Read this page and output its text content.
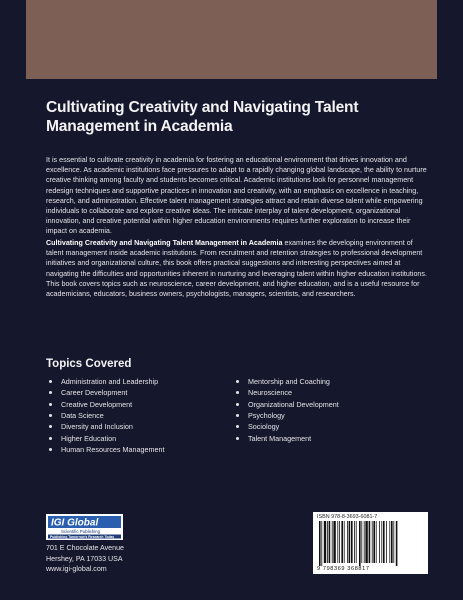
Cultivating Creativity and Navigating Talent Management in Academia

It is essential to cultivate creativity in academia for fostering an educational environment that drives innovation and excellence. As academic institutions face pressures to adapt to a rapidly changing global landscape, the ability to nurture creative thinking among faculty and students becomes critical. Academic institutions look for personnel management redesign techniques and supportive practices in innovation and creativity, with an emphasis on excellence in teaching, research, and administration. Effective talent management strategies attract and retain diverse talent while empowering individuals to collaborate and explore creative ideas. The intricate interplay of talent development, organizational innovation, and creative potential within higher education environments requires further exploration to increase their impact on academia.

Cultivating Creativity and Navigating Talent Management in Academia examines the developing environment of talent management inside academic institutions. From recruitment and retention strategies to professional development initiatives and organizational culture, this book offers practical suggestions and interesting perspectives aimed at navigating the difficulties and opportunities inherent in nurturing and leveraging talent within higher education institutions. This book covers topics such as neuroscience, career development, and higher education, and is a useful resource for academicians, educators, business owners, psychologists, managers, scientists, and researchers.

Topics Covered
Administration and Leadership
Career Development
Creative Development
Data Science
Diversity and Inclusion
Higher Education
Human Resources Management
Mentorship and Coaching
Neuroscience
Organizational Development
Psychology
Sociology
Talent Management
IGI Global
Scientific Publishing
Publishing Tomorrow's Research Today
701 E Chocolate Avenue
Hershey, PA 17033 USA
www.igi-global.com
ISBN 978-8-3693-6081-7
9 798369 368817
